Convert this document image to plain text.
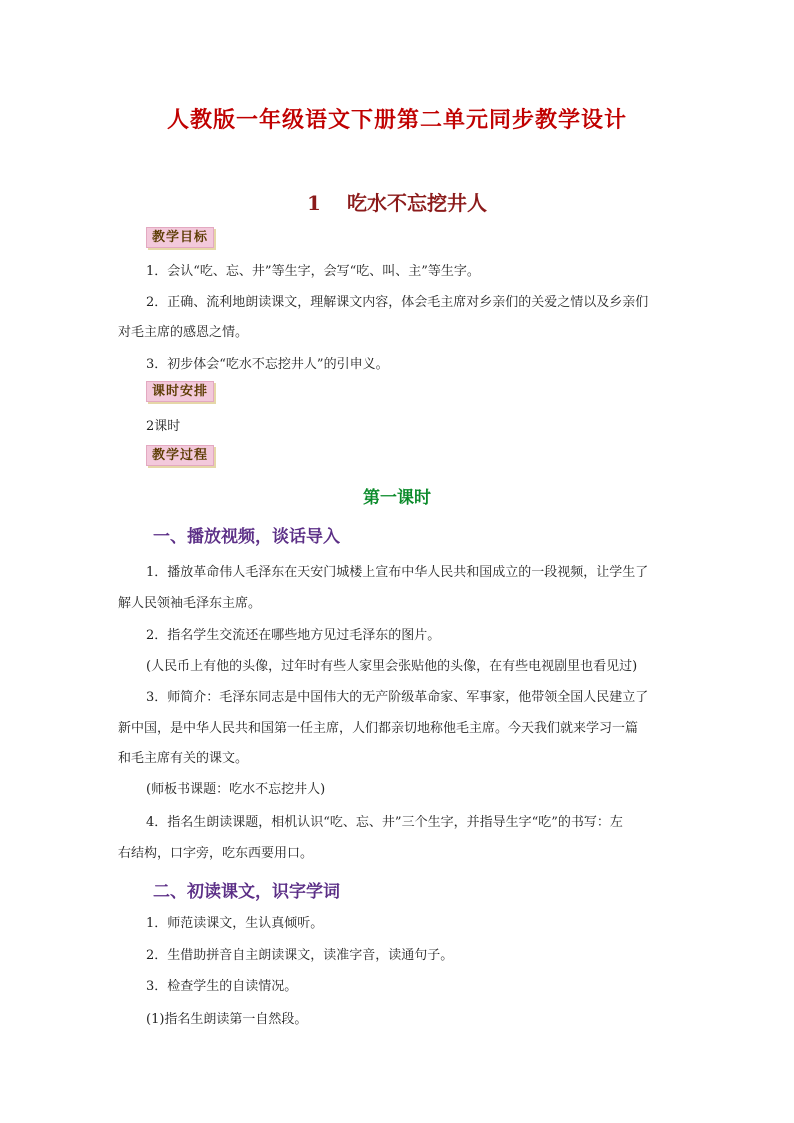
人教版一年级语文下册第二单元同步教学设计
1 吃水不忘挖井人
教学目标
1．会认“吃、忘、井”等生字，会写“吃、叫、主”等生字。
2．正确、流利地朗读课文，理解课文内容，体会毛主席对乡亲们的关爱之情以及乡亲们
对毛主席的感恩之情。
3．初步体会“吃水不忘挖井人”的引申义。
课时安排
2课时
教学过程
第一课时
一、播放视频，谈话导入
1．播放革命伟人毛泽东在天安门城楼上宣布中华人民共和国成立的一段视频，让学生了
解人民领袖毛泽东主席。
2．指名学生交流还在哪些地方见过毛泽东的图片。
(人民币上有他的头像，过年时有些人家里会张贴他的头像，在有些电视剧里也看见过)
3．师简介：毛泽东同志是中国伟大的无产阶级革命家、军事家，他带领全国人民建立了
新中国，是中华人民共和国第一任主席，人们都亲切地称他毛主席。今天我们就来学习一篇
和毛主席有关的课文。
(师板书课题：吃水不忘挖井人)
4．指名生朗读课题，相机认识“吃、忘、井”三个生字，并指导生字“吃”的书写：左
右结构，口字旁，吃东西要用口。
二、初读课文，识字学词
1．师范读课文，生认真倾听。
2．生借助拼音自主朗读课文，读准字音，读通句子。
3．检查学生的自读情况。
(1)指名生朗读第一自然段。
